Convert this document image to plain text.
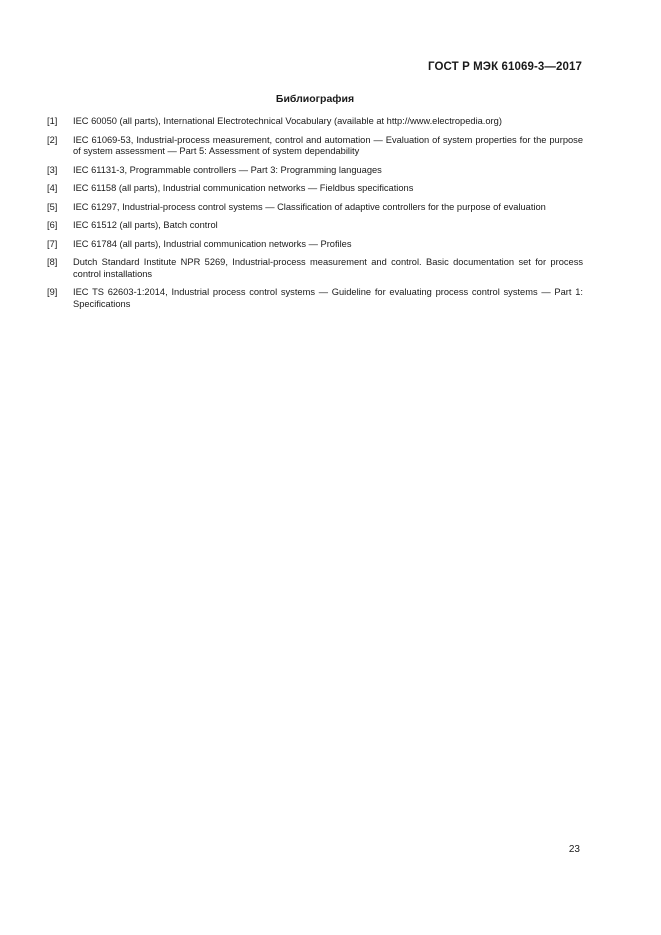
ГОСТ Р МЭК 61069-3—2017
Библиография
[1]	IEC 60050 (all parts), International Electrotechnical Vocabulary (available at http://www.electropedia.org)
[2]	IEC 61069-53, Industrial-process measurement, control and automation — Evaluation of system properties for the purpose of system assessment — Part 5: Assessment of system dependability
[3]	IEC 61131-3, Programmable controllers — Part 3: Programming languages
[4]	IEC 61158 (all parts), Industrial communication networks — Fieldbus specifications
[5]	IEC 61297, Industrial-process control systems — Classification of adaptive controllers for the purpose of evaluation
[6]	IEC 61512 (all parts), Batch control
[7]	IEC 61784 (all parts), Industrial communication networks — Profiles
[8]	Dutch Standard Institute NPR 5269, Industrial-process measurement and control. Basic documentation set for process control installations
[9]	IEC TS 62603-1:2014, Industrial process control systems — Guideline for evaluating process control systems — Part 1: Specifications
23
